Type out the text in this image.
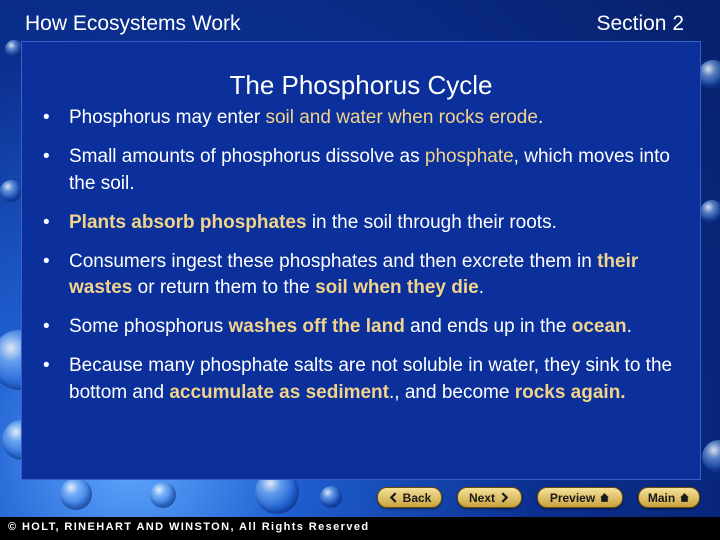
How Ecosystems Work	Section 2
The Phosphorus Cycle
• Phosphorus may enter soil and water when rocks erode.
• Small amounts of phosphorus dissolve as phosphate, which moves into the soil.
• Plants absorb phosphates in the soil through their roots.
• Consumers ingest these phosphates and then excrete them in their wastes or return them to the soil when they die.
• Some phosphorus washes off the land and ends up in the ocean.
• Because many phosphate salts are not soluble in water, they sink to the bottom and accumulate as sediment., and become rocks again.
Back	Next	Preview	Main
© HOLT, RINEHART AND WINSTON, All Rights Reserved
